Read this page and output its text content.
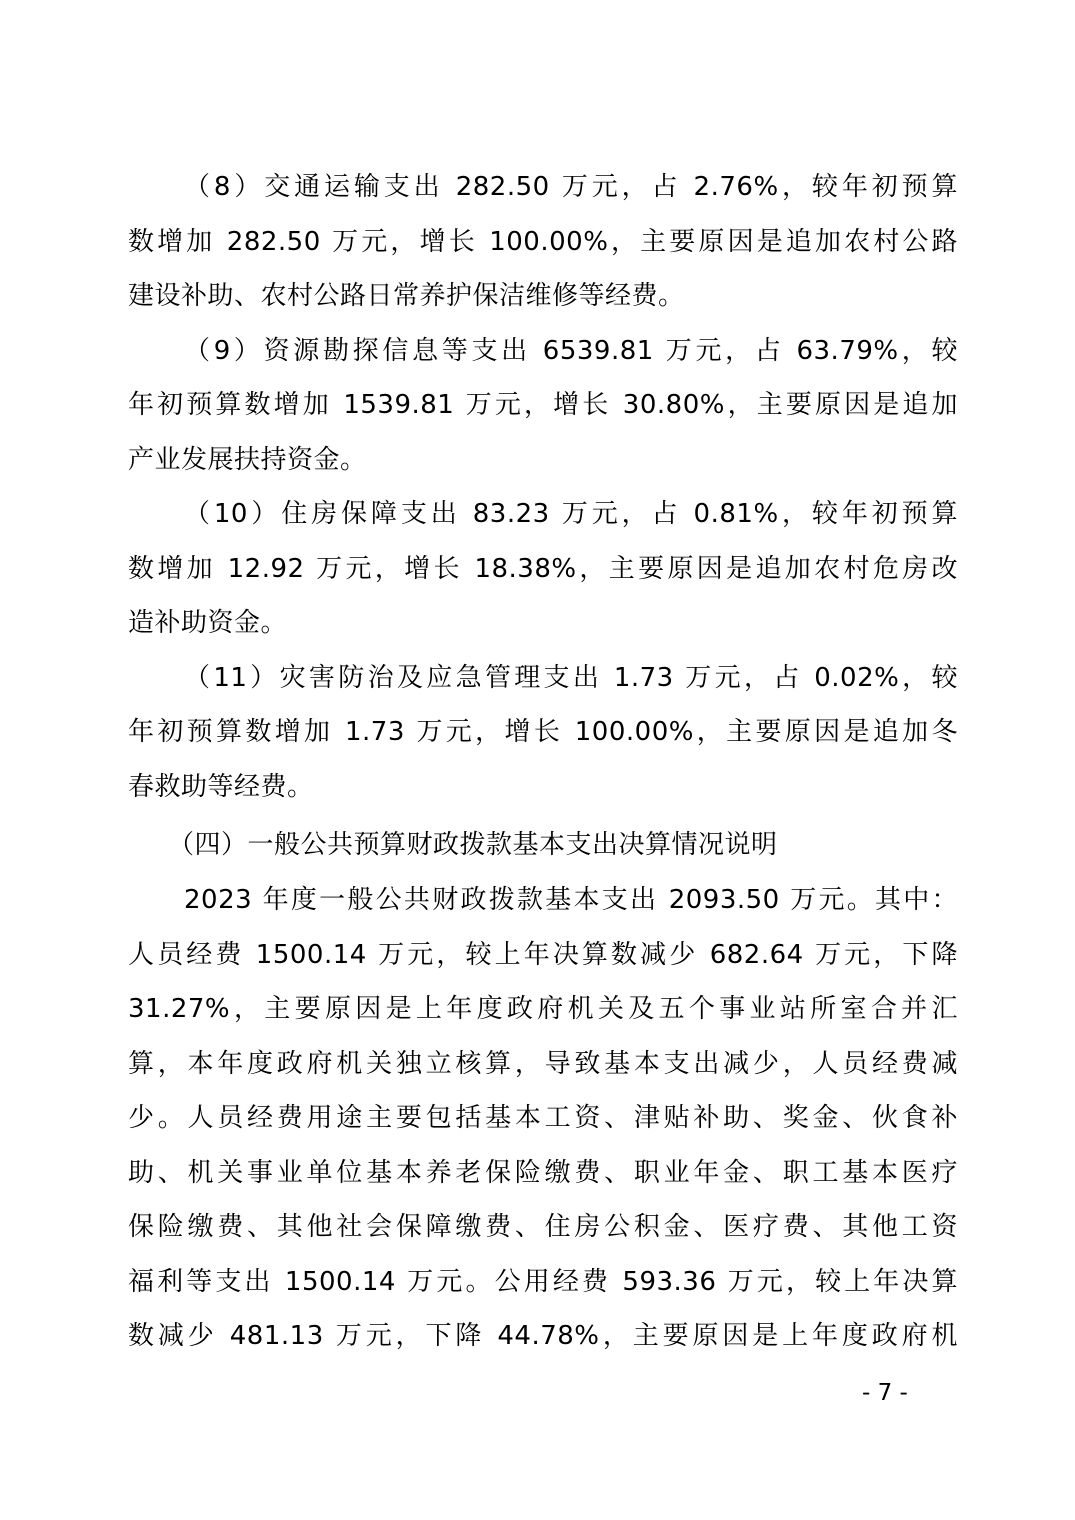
（8）交通运输支出 282.50 万元，占 2.76%，较年初预算
数增加 282.50 万元，增长 100.00%，主要原因是追加农村公路
建设补助、农村公路日常养护保洁维修等经费。
（9）资源勘探信息等支出 6539.81 万元，占 63.79%，较
年初预算数增加 1539.81 万元，增长 30.80%，主要原因是追加
产业发展扶持资金。
（10）住房保障支出 83.23 万元，占 0.81%，较年初预算
数增加 12.92 万元，增长 18.38%，主要原因是追加农村危房改
造补助资金。
（11）灾害防治及应急管理支出 1.73 万元，占 0.02%，较
年初预算数增加 1.73 万元，增长 100.00%，主要原因是追加冬
春救助等经费。
（四）一般公共预算财政拨款基本支出决算情况说明
2023 年度一般公共财政拨款基本支出 2093.50 万元。其中：
人员经费 1500.14 万元，较上年决算数减少 682.64 万元，下降
31.27%，主要原因是上年度政府机关及五个事业站所室合并汇
算，本年度政府机关独立核算，导致基本支出减少，人员经费减
少。人员经费用途主要包括基本工资、津贴补助、奖金、伙食补
助、机关事业单位基本养老保险缴费、职业年金、职工基本医疗
保险缴费、其他社会保障缴费、住房公积金、医疗费、其他工资
福利等支出 1500.14 万元。公用经费 593.36 万元，较上年决算
数减少 481.13 万元，下降 44.78%，主要原因是上年度政府机
- 7 -
